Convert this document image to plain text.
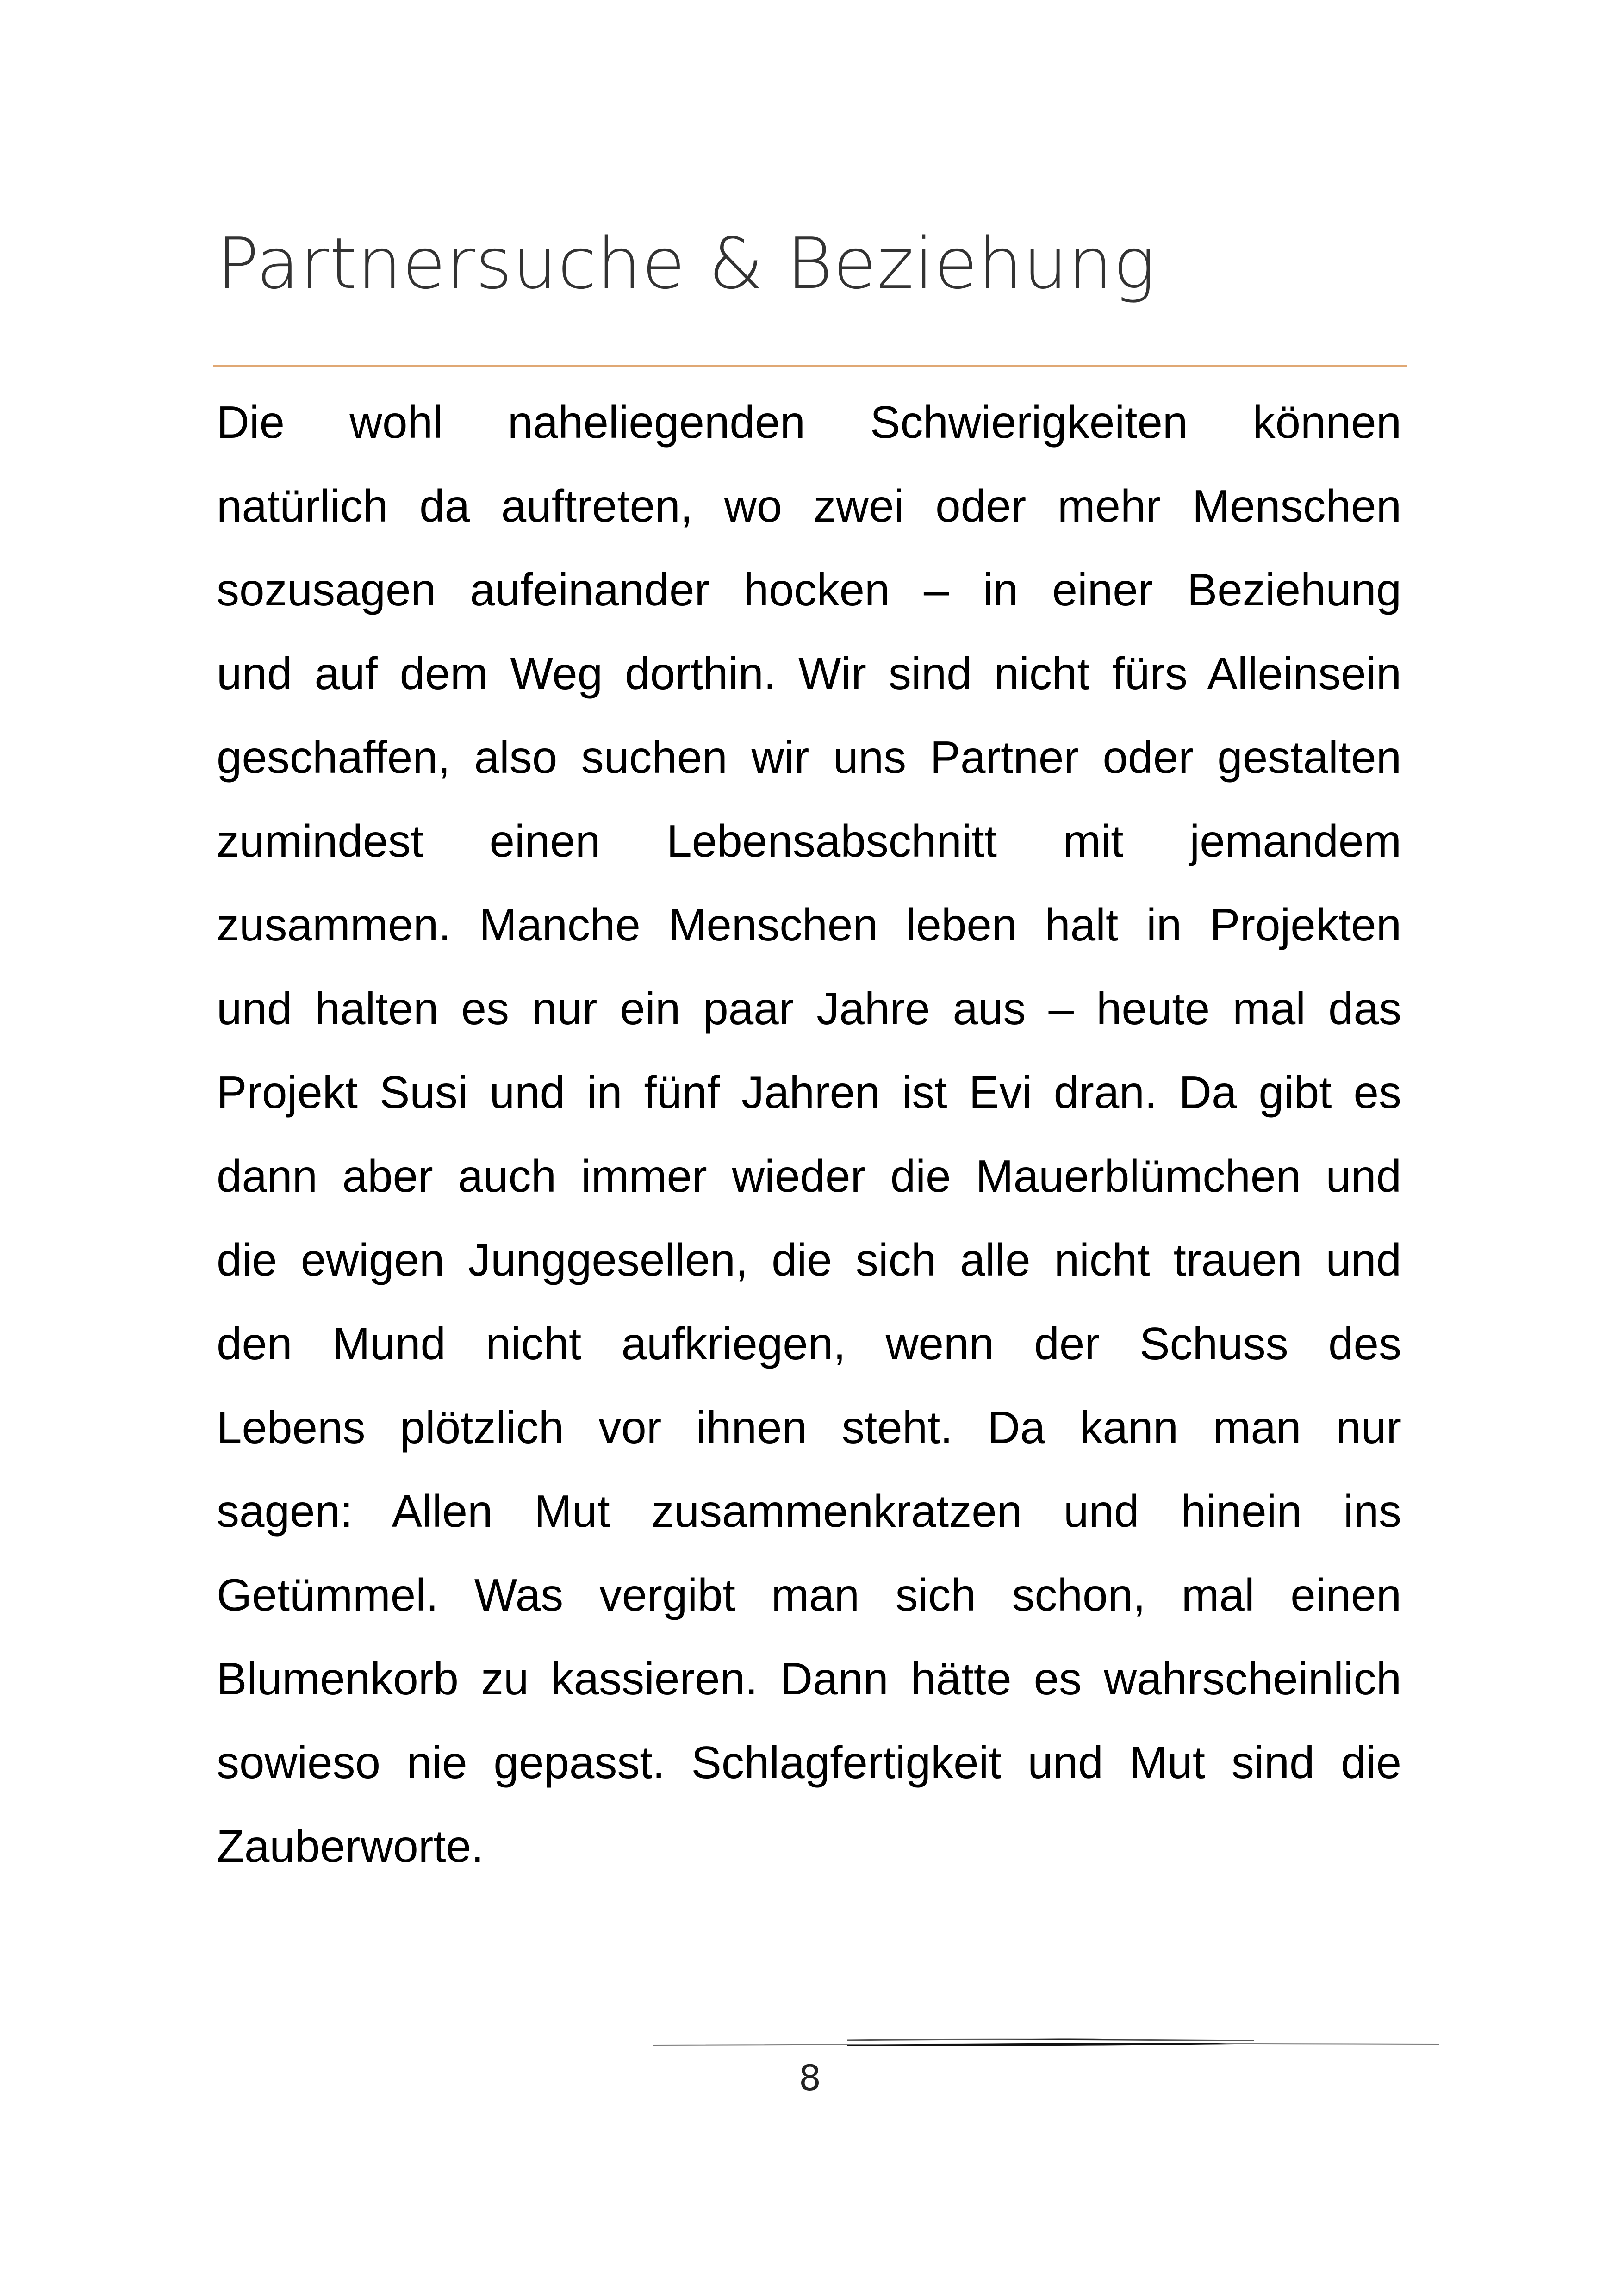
Partnersuche & Beziehung
Die wohl naheliegenden Schwierigkeiten können
natürlich da auftreten, wo zwei oder mehr Menschen
sozusagen aufeinander hocken – in einer Beziehung
und auf dem Weg dorthin. Wir sind nicht fürs Alleinsein
geschaffen, also suchen wir uns Partner oder gestalten
zumindest einen Lebensabschnitt mit jemandem
zusammen. Manche Menschen leben halt in Projekten
und halten es nur ein paar Jahre aus – heute mal das
Projekt Susi und in fünf Jahren ist Evi dran. Da gibt es
dann aber auch immer wieder die Mauerblümchen und
die ewigen Junggesellen, die sich alle nicht trauen und
den Mund nicht aufkriegen, wenn der Schuss des
Lebens plötzlich vor ihnen steht. Da kann man nur
sagen: Allen Mut zusammenkratzen und hinein ins
Getümmel. Was vergibt man sich schon, mal einen
Blumenkorb zu kassieren. Dann hätte es wahrscheinlich
sowieso nie gepasst. Schlagfertigkeit und Mut sind die
Zauberworte.
8
